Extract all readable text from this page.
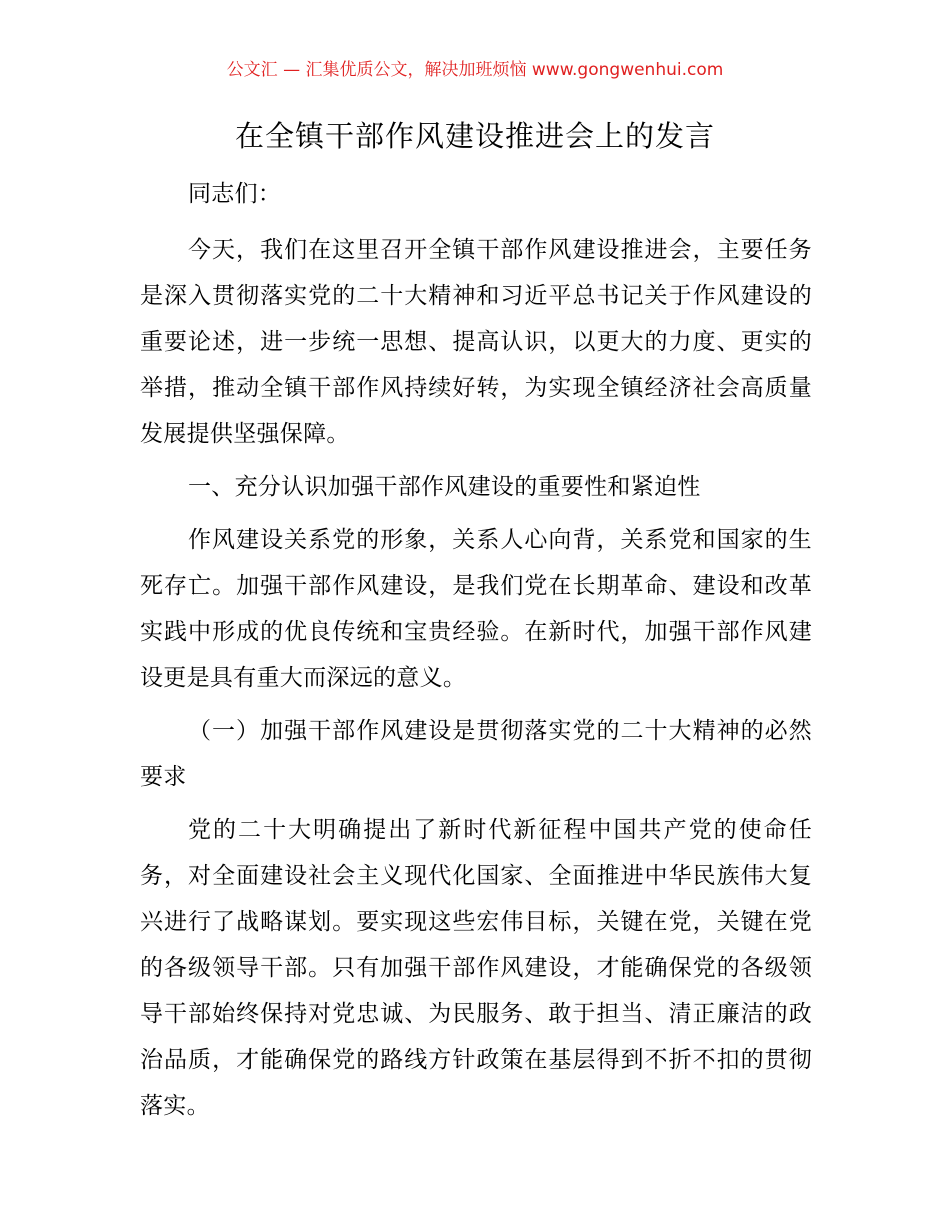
公文汇 — 汇集优质公文，解决加班烦恼 www.gongwenhui.com
在全镇干部作风建设推进会上的发言

同志们：

今天，我们在这里召开全镇干部作风建设推进会，主要任务是深入贯彻落实党的二十大精神和习近平总书记关于作风建设的重要论述，进一步统一思想、提高认识，以更大的力度、更实的举措，推动全镇干部作风持续好转，为实现全镇经济社会高质量发展提供坚强保障。

一、充分认识加强干部作风建设的重要性和紧迫性

作风建设关系党的形象，关系人心向背，关系党和国家的生死存亡。加强干部作风建设，是我们党在长期革命、建设和改革实践中形成的优良传统和宝贵经验。在新时代，加强干部作风建设更是具有重大而深远的意义。

（一）加强干部作风建设是贯彻落实党的二十大精神的必然要求

党的二十大明确提出了新时代新征程中国共产党的使命任务，对全面建设社会主义现代化国家、全面推进中华民族伟大复兴进行了战略谋划。要实现这些宏伟目标，关键在党，关键在党的各级领导干部。只有加强干部作风建设，才能确保党的各级领导干部始终保持对党忠诚、为民服务、敢于担当、清正廉洁的政治品质，才能确保党的路线方针政策在基层得到不折不扣的贯彻落实。
